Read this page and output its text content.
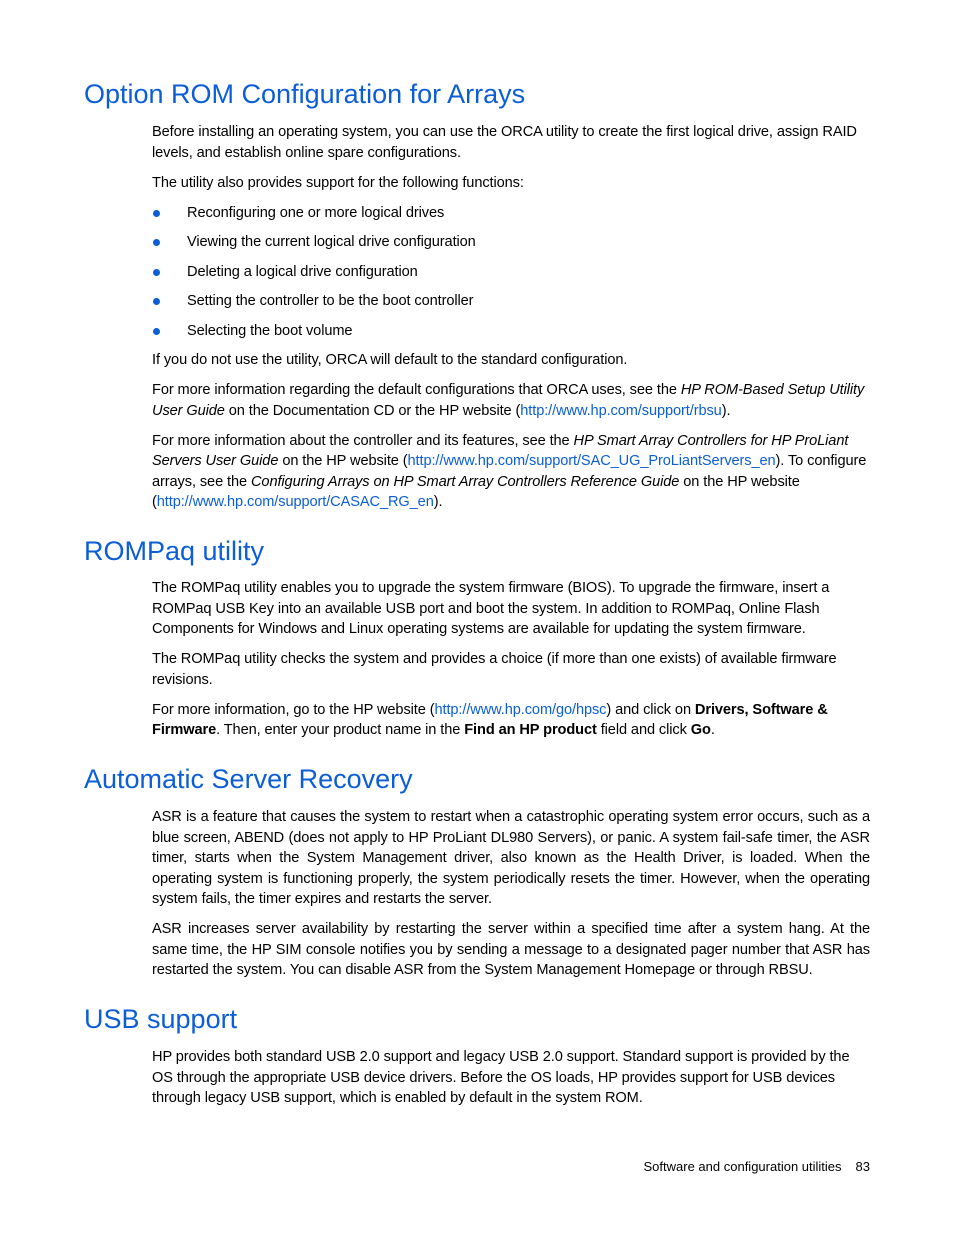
Option ROM Configuration for Arrays

Before installing an operating system, you can use the ORCA utility to create the first logical drive, assign RAID levels, and establish online spare configurations.

The utility also provides support for the following functions:

Reconfiguring one or more logical drives
Viewing the current logical drive configuration
Deleting a logical drive configuration
Setting the controller to be the boot controller
Selecting the boot volume

If you do not use the utility, ORCA will default to the standard configuration.

For more information regarding the default configurations that ORCA uses, see the HP ROM-Based Setup Utility User Guide on the Documentation CD or the HP website (http://www.hp.com/support/rbsu).

For more information about the controller and its features, see the HP Smart Array Controllers for HP ProLiant Servers User Guide on the HP website (http://www.hp.com/support/SAC_UG_ProLiantServers_en). To configure arrays, see the Configuring Arrays on HP Smart Array Controllers Reference Guide on the HP website (http://www.hp.com/support/CASAC_RG_en).

ROMPaq utility

The ROMPaq utility enables you to upgrade the system firmware (BIOS). To upgrade the firmware, insert a ROMPaq USB Key into an available USB port and boot the system. In addition to ROMPaq, Online Flash Components for Windows and Linux operating systems are available for updating the system firmware.

The ROMPaq utility checks the system and provides a choice (if more than one exists) of available firmware revisions.

For more information, go to the HP website (http://www.hp.com/go/hpsc) and click on Drivers, Software & Firmware. Then, enter your product name in the Find an HP product field and click Go.

Automatic Server Recovery

ASR is a feature that causes the system to restart when a catastrophic operating system error occurs, such as a blue screen, ABEND (does not apply to HP ProLiant DL980 Servers), or panic. A system fail-safe timer, the ASR timer, starts when the System Management driver, also known as the Health Driver, is loaded. When the operating system is functioning properly, the system periodically resets the timer. However, when the operating system fails, the timer expires and restarts the server.

ASR increases server availability by restarting the server within a specified time after a system hang. At the same time, the HP SIM console notifies you by sending a message to a designated pager number that ASR has restarted the system. You can disable ASR from the System Management Homepage or through RBSU.

USB support

HP provides both standard USB 2.0 support and legacy USB 2.0 support. Standard support is provided by the OS through the appropriate USB device drivers. Before the OS loads, HP provides support for USB devices through legacy USB support, which is enabled by default in the system ROM.

Software and configuration utilities 83
